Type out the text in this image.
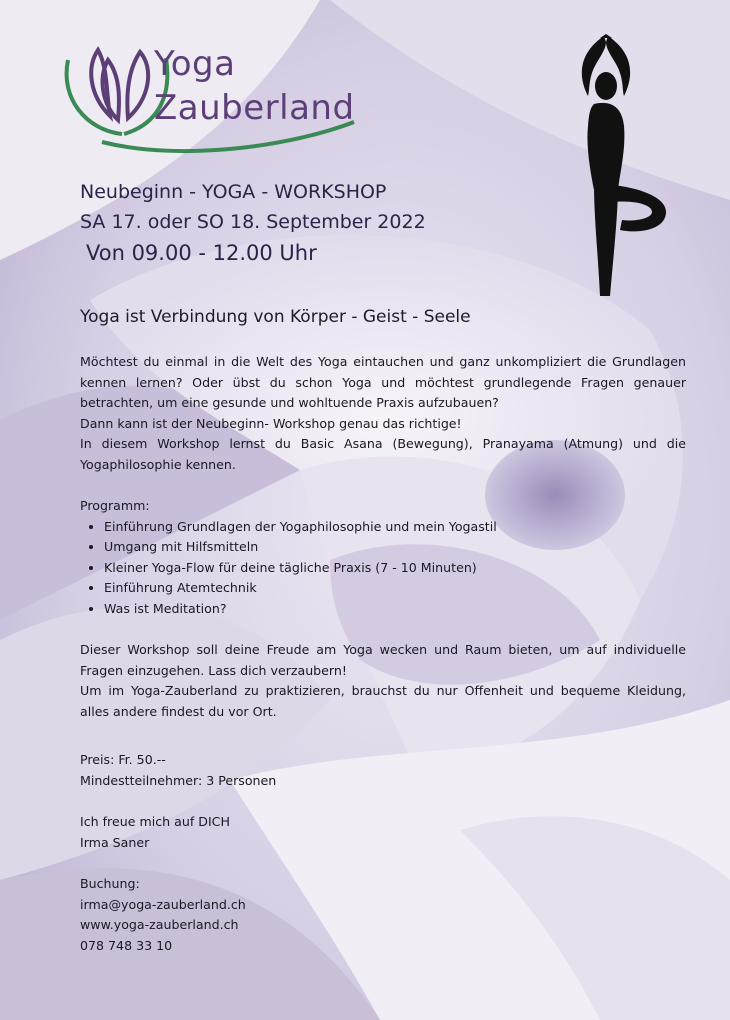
Yoga
Zauberland
Neubeginn - YOGA - WORKSHOP
SA 17. oder SO 18. September 2022
Von 09.00 - 12.00 Uhr
Yoga ist Verbindung von Körper - Geist - Seele

Möchtest du einmal in die Welt des Yoga eintauchen und ganz unkompliziert die Grundlagen kennen lernen? Oder übst du schon Yoga und möchtest grundlegende Fragen genauer betrachten, um eine gesunde und wohltuende Praxis aufzubauen?

Dann kann ist der Neubeginn- Workshop genau das richtige!

In diesem Workshop lernst du Basic Asana (Bewegung), Pranayama (Atmung) und die Yogaphilosophie kennen.

Programm:
• Einführung Grundlagen der Yogaphilosophie und mein Yogastil
• Umgang mit Hilfsmitteln
• Kleiner Yoga-Flow für deine tägliche Praxis (7 - 10 Minuten)
• Einführung Atemtechnik
• Was ist Meditation?

Dieser Workshop soll deine Freude am Yoga wecken und Raum bieten, um auf individuelle Fragen einzugehen. Lass dich verzaubern!

Um im Yoga-Zauberland zu praktizieren, brauchst du nur Offenheit und bequeme Kleidung, alles andere findest du vor Ort.

Preis: Fr. 50.--
Mindestteilnehmer: 3 Personen
Ich freue mich auf DICH
Irma Saner
Buchung:
irma@yoga-zauberland.ch
www.yoga-zauberland.ch
078 748 33 10
